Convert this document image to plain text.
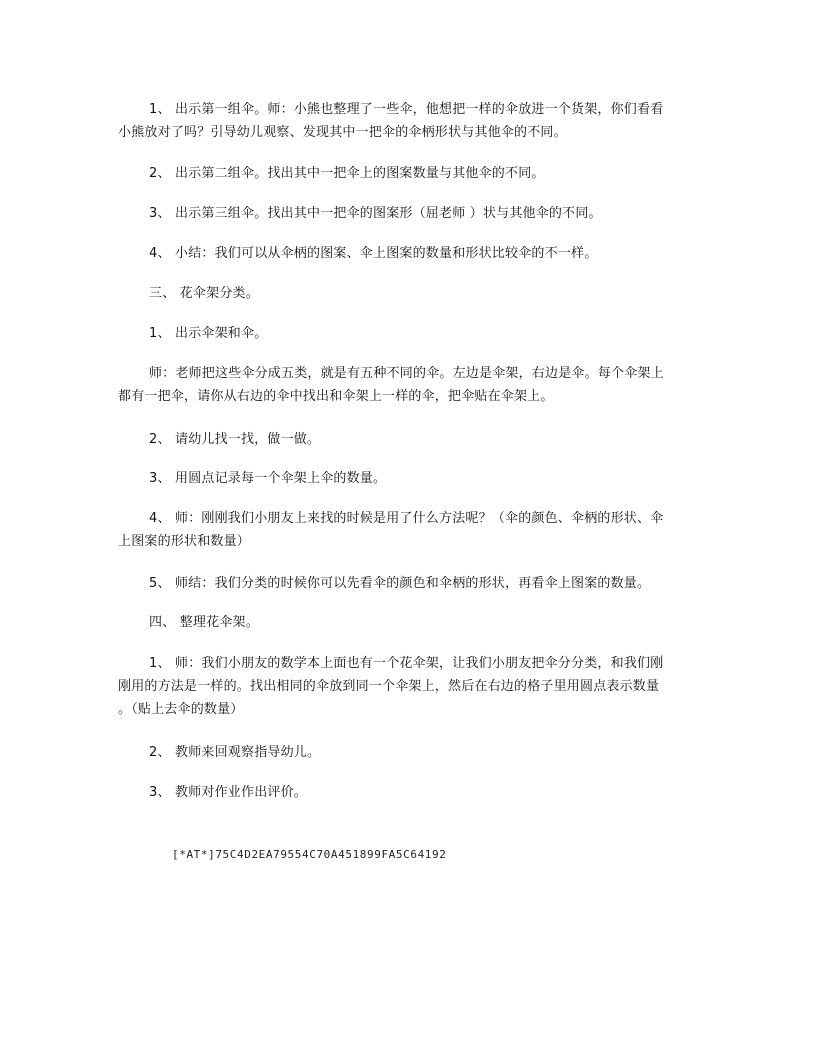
1、 出示第一组伞。师：小熊也整理了一些伞，他想把一样的伞放进一个货架，你们看看
小熊放对了吗？引导幼儿观察、发现其中一把伞的伞柄形状与其他伞的不同。
2、 出示第二组伞。找出其中一把伞上的图案数量与其他伞的不同。
3、 出示第三组伞。找出其中一把伞的图案形（屈老师 ）状与其他伞的不同。
4、 小结：我们可以从伞柄的图案、伞上图案的数量和形状比较伞的不一样。
三、 花伞架分类。
1、 出示伞架和伞。
师：老师把这些伞分成五类，就是有五种不同的伞。左边是伞架，右边是伞。每个伞架上
都有一把伞，请你从右边的伞中找出和伞架上一样的伞，把伞贴在伞架上。
2、 请幼儿找一找，做一做。
3、 用圆点记录每一个伞架上伞的数量。
4、 师：刚刚我们小朋友上来找的时候是用了什么方法呢？（伞的颜色、伞柄的形状、伞
上图案的形状和数量）
5、 师结：我们分类的时候你可以先看伞的颜色和伞柄的形状，再看伞上图案的数量。
四、 整理花伞架。
1、 师：我们小朋友的数学本上面也有一个花伞架，让我们小朋友把伞分分类，和我们刚
刚用的方法是一样的。找出相同的伞放到同一个伞架上，然后在右边的格子里用圆点表示数量
。（贴上去伞的数量）
2、 教师来回观察指导幼儿。
3、 教师对作业作出评价。
[*AT*]75C4D2EA79554C70A451899FA5C64192
